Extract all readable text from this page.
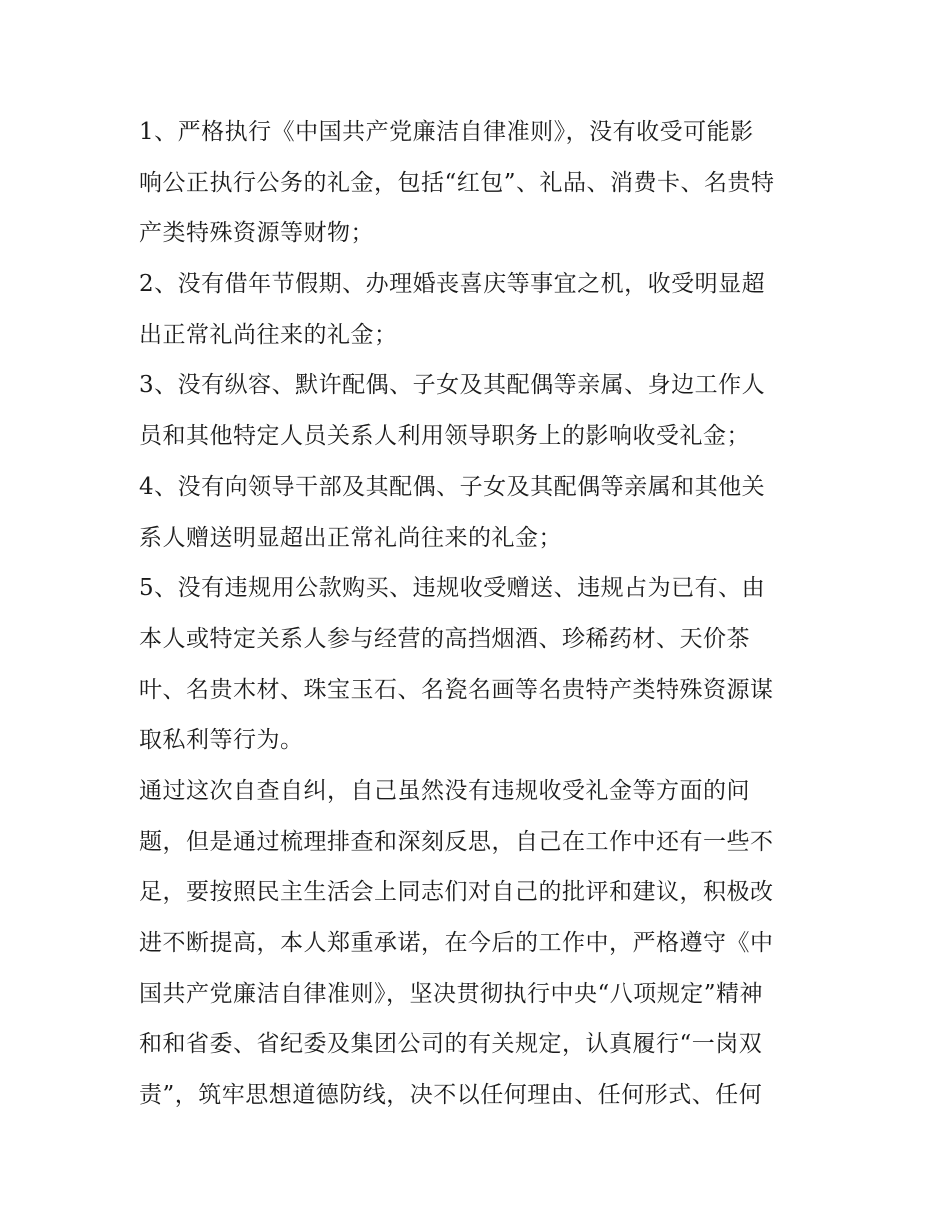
1、严格执行《中国共产党廉洁自律准则》，没有收受可能影
响公正执行公务的礼金，包括“红包”、礼品、消费卡、名贵特
产类特殊资源等财物；
2、没有借年节假期、办理婚丧喜庆等事宜之机，收受明显超
出正常礼尚往来的礼金；
3、没有纵容、默许配偶、子女及其配偶等亲属、身边工作人
员和其他特定人员关系人利用领导职务上的影响收受礼金；
4、没有向领导干部及其配偶、子女及其配偶等亲属和其他关
系人赠送明显超出正常礼尚往来的礼金；
5、没有违规用公款购买、违规收受赠送、违规占为已有、由
本人或特定关系人参与经营的高挡烟酒、珍稀药材、天价茶
叶、名贵木材、珠宝玉石、名瓷名画等名贵特产类特殊资源谋
取私利等行为。
通过这次自查自纠，自己虽然没有违规收受礼金等方面的问
题，但是通过梳理排查和深刻反思，自己在工作中还有一些不
足，要按照民主生活会上同志们对自己的批评和建议，积极改
进不断提高，本人郑重承诺，在今后的工作中，严格遵守《中
国共产党廉洁自律准则》，坚决贯彻执行中央“八项规定”精神
和和省委、省纪委及集团公司的有关规定，认真履行“一岗双
责”，筑牢思想道德防线，决不以任何理由、任何形式、任何
